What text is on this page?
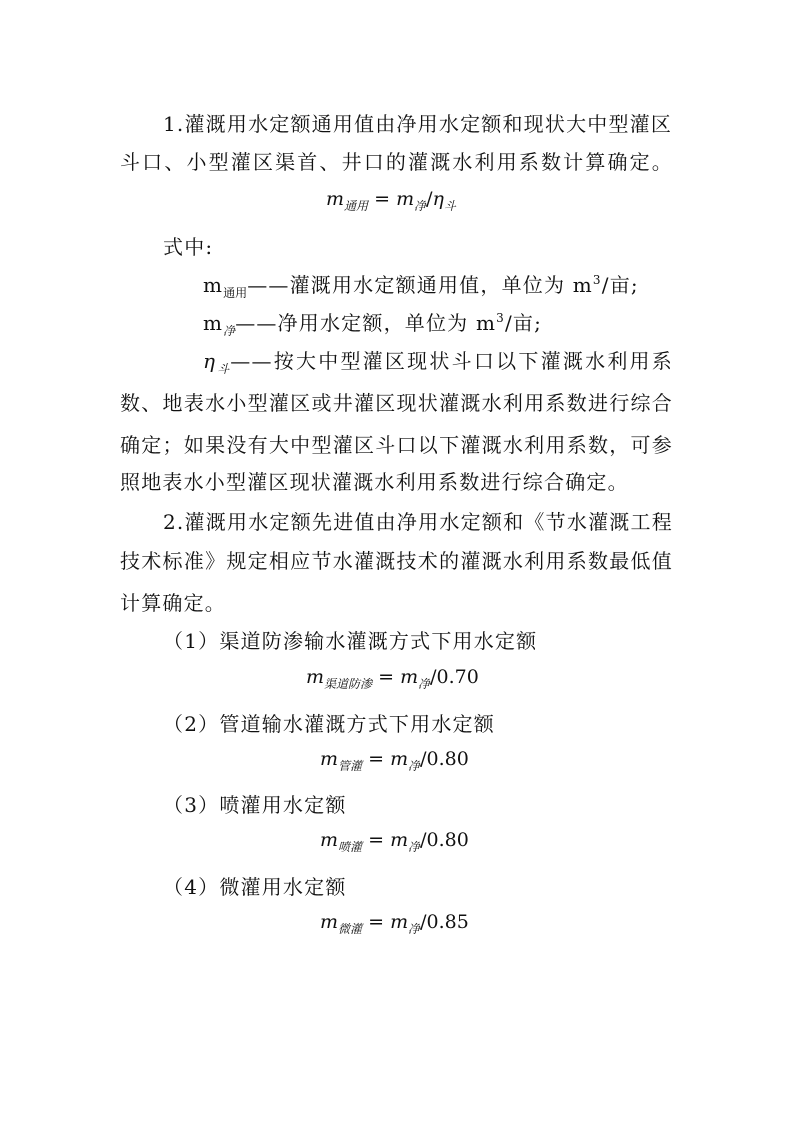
1.灌溉用水定额通用值由净用水定额和现状大中型灌区
斗口、小型灌区渠首、井口的灌溉水利用系数计算确定。
$m_{通用} = m_净/\eta_斗$
式中:
$m_{通用}——$灌溉用水定额通用值，单位为 $m^3/$亩;
$m_净——$净用水定额，单位为 $m^3/$亩;
$\eta_斗——$按大中型灌区现状斗口以下灌溉水利用系
数、地表水小型灌区或井灌区现状灌溉水利用系数进行综合
确定；如果没有大中型灌区斗口以下灌溉水利用系数，可参
照地表水小型灌区现状灌溉水利用系数进行综合确定。
2.灌溉用水定额先进值由净用水定额和《节水灌溉工程
技术标准》规定相应节水灌溉技术的灌溉水利用系数最低值
计算确定。
（1）渠道防渗输水灌溉方式下用水定额
$m_{渠道防渗} = m_净/0.70$
（2）管道输水灌溉方式下用水定额
$m_{管灌} = m_净/0.80$
（3）喷灌用水定额
$m_{喷灌} = m_净/0.80$
（4）微灌用水定额
$m_{微灌} = m_净/0.85$
